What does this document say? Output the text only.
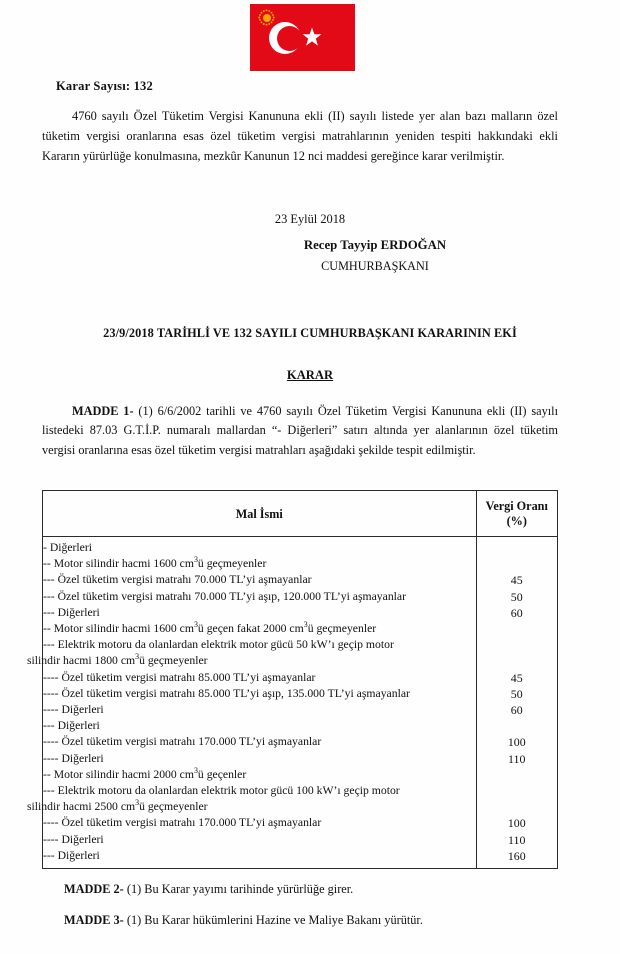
Karar Sayısı: 132
4760 sayılı Özel Tüketim Vergisi Kanununa ekli (II) sayılı listede yer alan bazı malların özel tüketim vergisi oranlarına esas özel tüketim vergisi matrahlarının yeniden tespiti hakkındaki ekli Kararın yürürlüğe konulmasına, mezkûr Kanunun 12 nci maddesi gereğince karar verilmiştir.
23 Eylül 2018
Recep Tayyip ERDOĞAN
CUMHURBAŞKANI
23/9/2018 TARİHLİ VE 132 SAYILI CUMHURBAŞKANI KARARININ EKİ
KARAR
MADDE 1- (1) 6/6/2002 tarihli ve 4760 sayılı Özel Tüketim Vergisi Kanununa ekli (II) sayılı listedeki 87.03 G.T.İ.P. numaralı mallardan “- Diğerleri” satırı altında yer alanlarının özel tüketim vergisi oranlarına esas özel tüketim vergisi matrahları aşağıdaki şekilde tespit edilmiştir.
Mal İsmi	Vergi Oranı
(%)
- Diğerleri	
-- Motor silindir hacmi 1600 $cm^3ü$ geçmeyenler	
--- Özel tüketim vergisi matrahı 70.000 TL’yi aşmayanlar	45
--- Özel tüketim vergisi matrahı 70.000 TL’yi aşıp, 120.000 TL’yi aşmayanlar	50
--- Diğerleri	60
-- Motor silindir hacmi 1600 $cm^3ü$ geçen fakat 2000 $cm^3ü$ geçmeyenler	
--- Elektrik motoru da olanlardan elektrik motor gücü 50 kW’ı geçip motor
silindir hacmi 1800 $cm^3ü$ geçmeyenler	

---- Özel tüketim vergisi matrahı 85.000 TL’yi aşmayanlar	45
---- Özel tüketim vergisi matrahı 85.000 TL’yi aşıp, 135.000 TL’yi aşmayanlar	50
---- Diğerleri	60
--- Diğerleri	
---- Özel tüketim vergisi matrahı 170.000 TL’yi aşmayanlar	100
---- Diğerleri	110
-- Motor silindir hacmi 2000 $cm^3ü$ geçenler	
--- Elektrik motoru da olanlardan elektrik motor gücü 100 kW’ı geçip motor
silindir hacmi 2500 $cm^3ü$ geçmeyenler	

---- Özel tüketim vergisi matrahı 170.000 TL’yi aşmayanlar	100
---- Diğerleri	110
--- Diğerleri	160
MADDE 2- (1) Bu Karar yayımı tarihinde yürürlüğe girer.
MADDE 3- (1) Bu Karar hükümlerini Hazine ve Maliye Bakanı yürütür.
